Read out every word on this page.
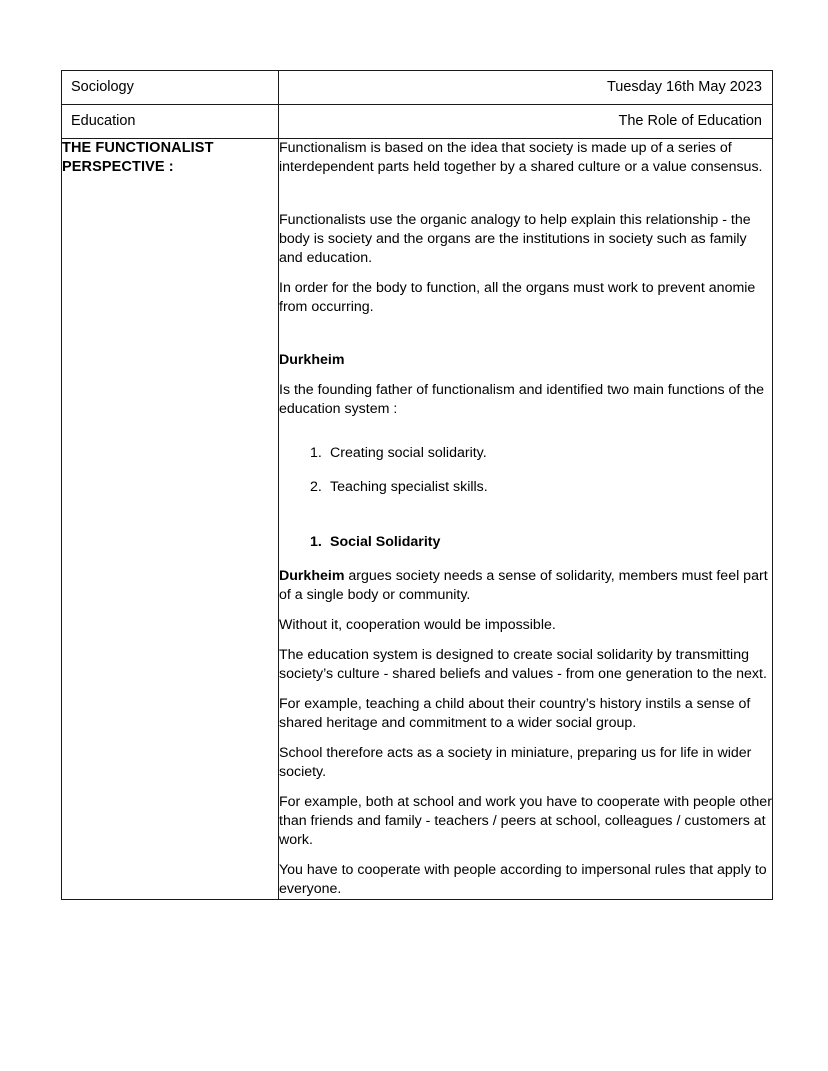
Sociology	Tuesday 16th May 2023

Education	The Role of Education

THE FUNCTIONALIST PERSPECTIVE :

Functionalism is based on the idea that society is made up of a series of interdependent parts held together by a shared culture or a value consensus.

Functionalists use the organic analogy to help explain this relationship - the body is society and the organs are the institutions in society such as family and education.

In order for the body to function, all the organs must work to prevent anomie from occurring.

Durkheim

Is the founding father of functionalism and identified two main functions of the education system :

1. Creating social solidarity.
2. Teaching specialist skills.

1. Social Solidarity

Durkheim argues society needs a sense of solidarity, members must feel part of a single body or community.

Without it, cooperation would be impossible.

The education system is designed to create social solidarity by transmitting society’s culture - shared beliefs and values - from one generation to the next.

For example, teaching a child about their country’s history instils a sense of shared heritage and commitment to a wider social group.

School therefore acts as a society in miniature, preparing us for life in wider society.

For example, both at school and work you have to cooperate with people other than friends and family - teachers / peers at school, colleagues / customers at work.

You have to cooperate with people according to impersonal rules that apply to everyone.
